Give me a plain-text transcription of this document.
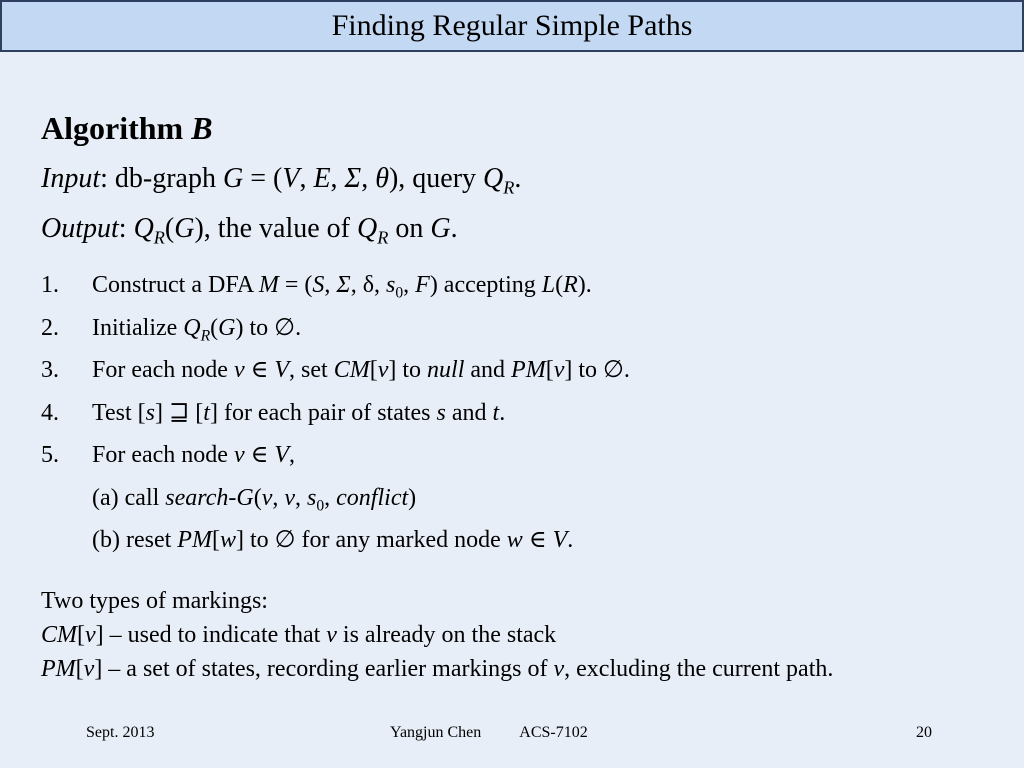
Finding Regular Simple Paths

Algorithm B

Input: db-graph G = (V, E, Σ, θ), query $Q_R$.

Output: $Q_R(G)$, the value of $Q_R$ on G.

1. Construct a DFA M = (S, Σ, δ, $s_0$, F) accepting L(R).
2. Initialize $Q_R(G)$ to ∅.
3. For each node v ∈ V, set CM[v] to null and PM[v] to ∅.
4. Test [s] ⊒ [t] for each pair of states s and t.
5. For each node v ∈ V,
(a) call search-G(v, v, $s_0$, conflict)
(b) reset PM[w] to ∅ for any marked node w ∈ V.
Two types of markings:
CM[v] – used to indicate that v is already on the stack
PM[v] – a set of states, recording earlier markings of v, excluding the current path.
Sept. 2013	Yangjun Chen ACS-7102	20
